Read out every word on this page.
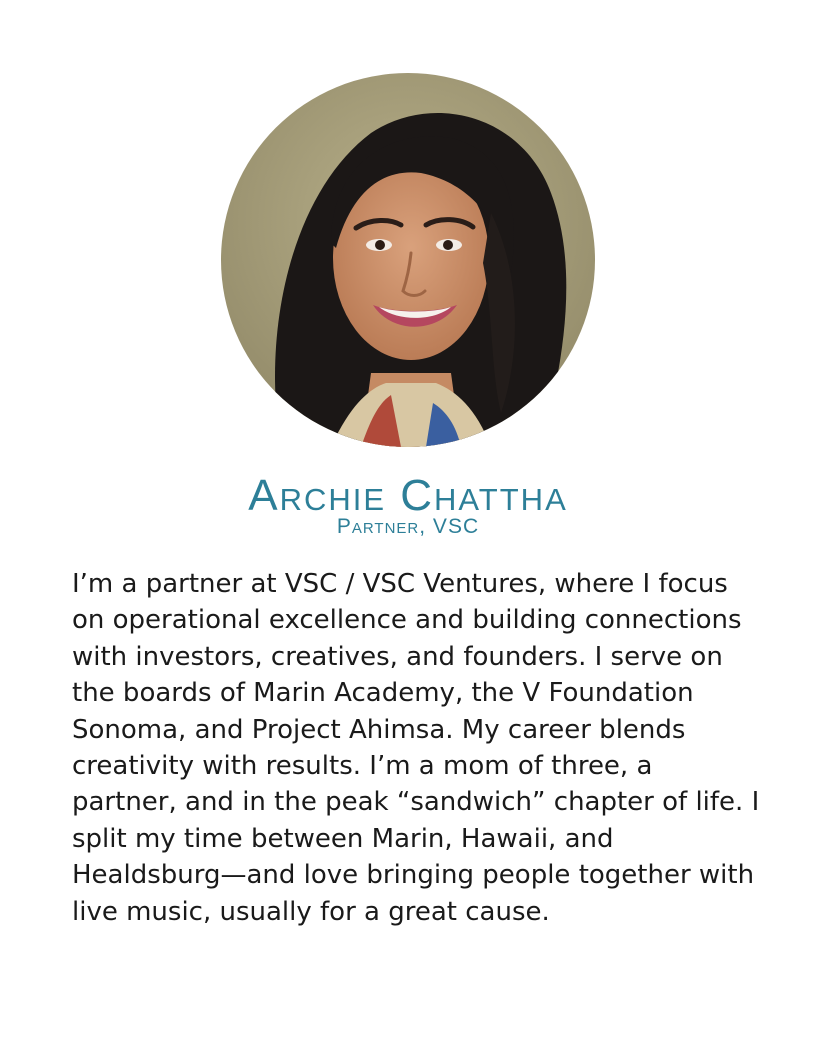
Archie Chattha
Partner, VSC

I’m a partner at VSC / VSC Ventures, where I focus on operational excellence and building connections with investors, creatives, and founders. I serve on the boards of Marin Academy, the V Foundation Sonoma, and Project Ahimsa. My career blends creativity with results. I’m a mom of three, a partner, and in the peak “sandwich” chapter of life. I split my time between Marin, Hawaii, and Healdsburg—and love bringing people together with live music, usually for a great cause.
